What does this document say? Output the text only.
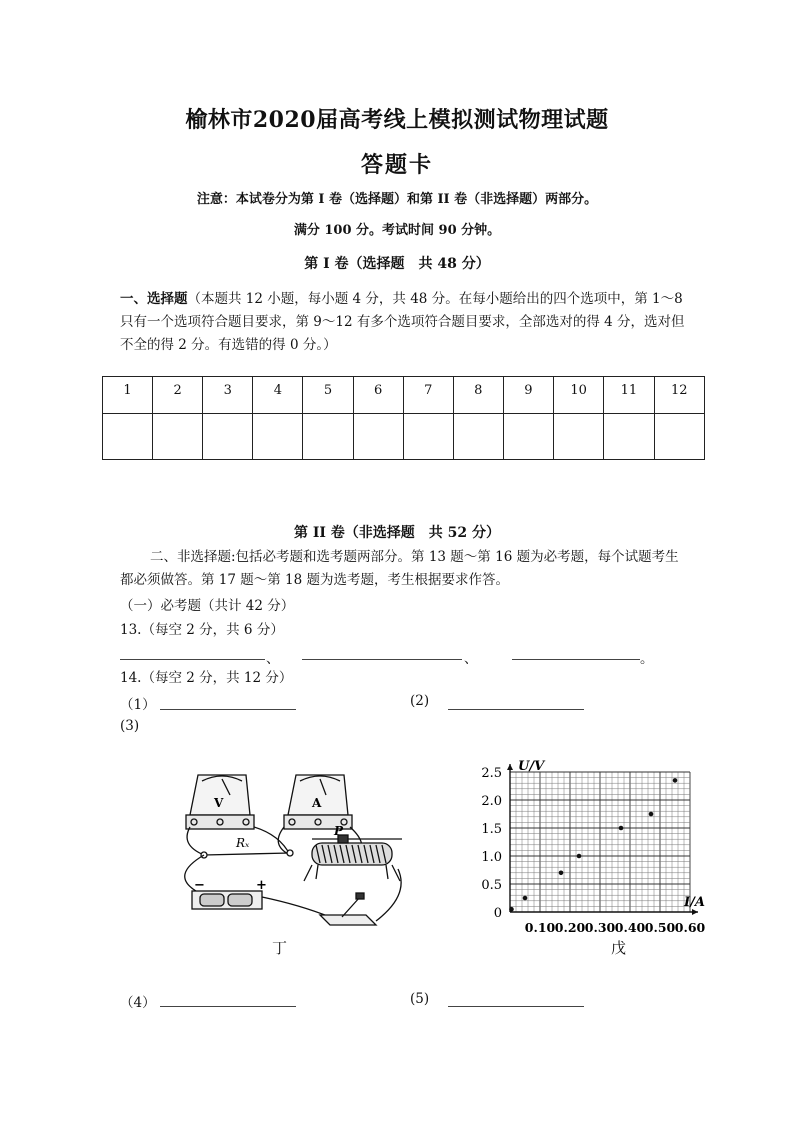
榆林市2020届高考线上模拟测试物理试题
答题卡
注意：本试卷分为第 I 卷（选择题）和第 II 卷（非选择题）两部分。
满分 100 分。考试时间 90 分钟。
第 I 卷（选择题　共 48 分）
一、选择题（本题共 12 小题，每小题 4 分，共 48 分。在每小题给出的四个选项中，第 1～8 只有一个选项符合题目要求，第 9～12 有多个选项符合题目要求，全部选对的得 4 分，选对但不全的得 2 分。有选错的得 0 分。）
1	2	3	4	5	6	7	8	9	10	11	12

第 II 卷（非选择题　共 52 分）
二、非选择题:包括必考题和选考题两部分。第 13 题～第 16 题为必考题，每个试题考生都必须做答。第 17 题～第 18 题为选考题，考生根据要求作答。
（一）必考题（共计 42 分）
13.（每空 2 分，共 6 分）
、	、	。
14.（每空 2 分，共 12 分）
（1）	(2)
(3)
V	A
Rₓ
P
−	+
丁
0
0.5
1.0
1.5
2.0
2.5
0.10 0.20 0.30 0.40 0.50 0.60
U/V
I/A
戊
（4）	(5)
